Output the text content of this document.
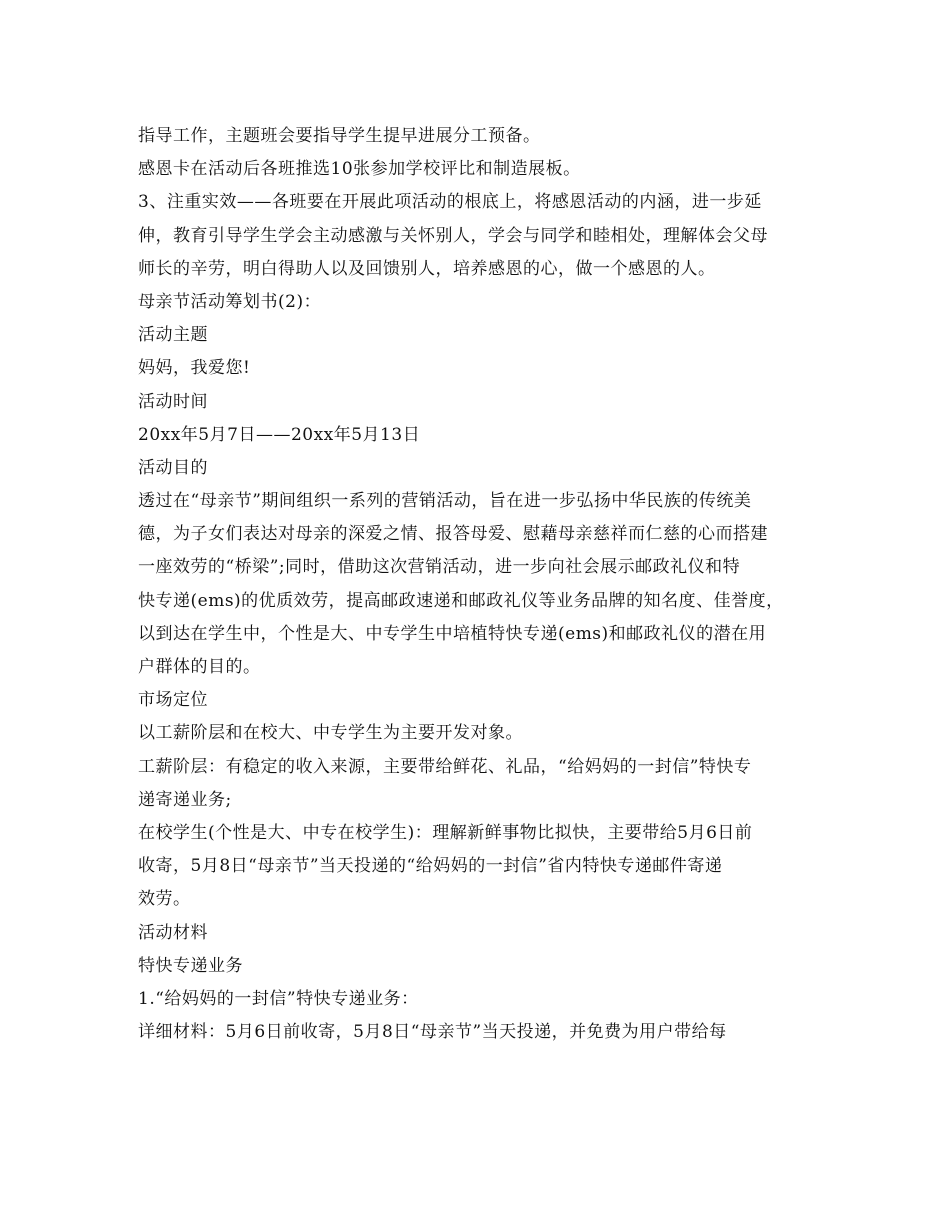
指导工作，主题班会要指导学生提早进展分工预备。
感恩卡在活动后各班推选10张参加学校评比和制造展板。
3、注重实效——各班要在开展此项活动的根底上，将感恩活动的内涵，进一步延
伸，教育引导学生学会主动感激与关怀别人，学会与同学和睦相处，理解体会父母
师长的辛劳，明白得助人以及回馈别人，培养感恩的心，做一个感恩的人。
母亲节活动筹划书(2)：
活动主题
妈妈，我爱您!
活动时间
20xx年5月7日——20xx年5月13日
活动目的
透过在“母亲节”期间组织一系列的营销活动，旨在进一步弘扬中华民族的传统美
德，为子女们表达对母亲的深爱之情、报答母爱、慰藉母亲慈祥而仁慈的心而搭建
一座效劳的“桥梁”;同时，借助这次营销活动，进一步向社会展示邮政礼仪和特
快专递(ems)的优质效劳，提高邮政速递和邮政礼仪等业务品牌的知名度、佳誉度，
以到达在学生中，个性是大、中专学生中培植特快专递(ems)和邮政礼仪的潜在用
户群体的目的。
市场定位
以工薪阶层和在校大、中专学生为主要开发对象。
工薪阶层：有稳定的收入来源，主要带给鲜花、礼品，“给妈妈的一封信”特快专
递寄递业务;
在校学生(个性是大、中专在校学生)：理解新鲜事物比拟快，主要带给5月6日前
收寄，5月8日“母亲节”当天投递的“给妈妈的一封信”省内特快专递邮件寄递
效劳。
活动材料
特快专递业务
1.“给妈妈的一封信”特快专递业务：
详细材料：5月6日前收寄，5月8日“母亲节”当天投递，并免费为用户带给每
